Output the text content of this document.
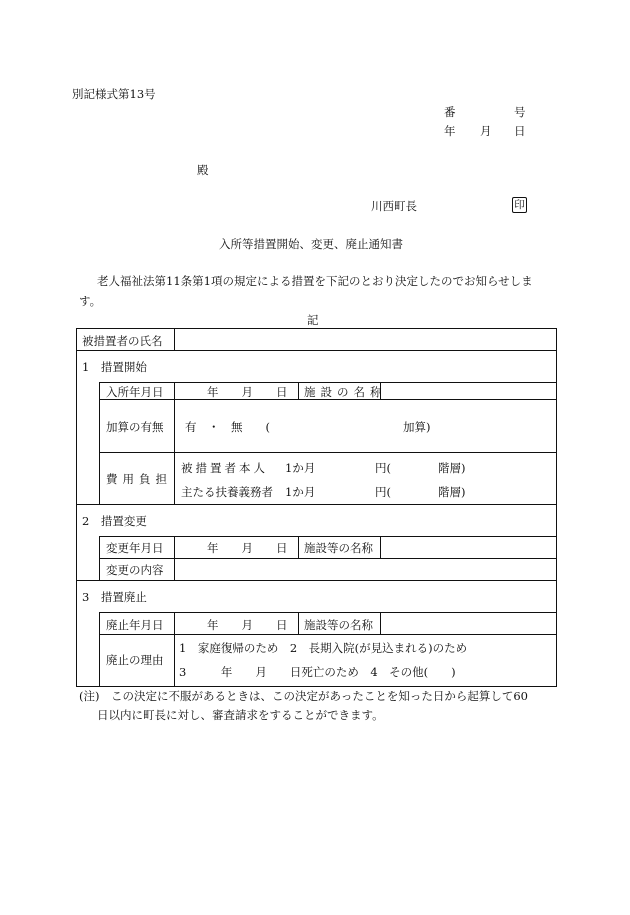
別記様式第13号
番	号
年 月 日
殿
川西町長	印
入所等措置開始、変更、廃止通知書
老人福祉法第11条第1項の規定による措置を下記のとおり決定したのでお知らせしま
す。
記
被措置者の氏名
1　措置開始
入所年月日	年　　月　　日 施設の名称
加算の有無 有　・　無　　(	加算)
費用負担
被措置者本人 1か月	円(	階層)
主たる扶養義務者 1か月	円(	階層)
2　措置変更
変更年月日	年　　月　　日 施設等の名称
変更の内容
3　措置廃止
廃止年月日	年　　月　　日 施設等の名称
廃止の理由
1　家庭復帰のため　2　長期入院(が見込まれる)のため
3　　　年　　月　　日死亡のため　4　その他(　　)
(注)　この決定に不服があるときは、この決定があったことを知った日から起算して60
日以内に町長に対し、審査請求をすることができます。
